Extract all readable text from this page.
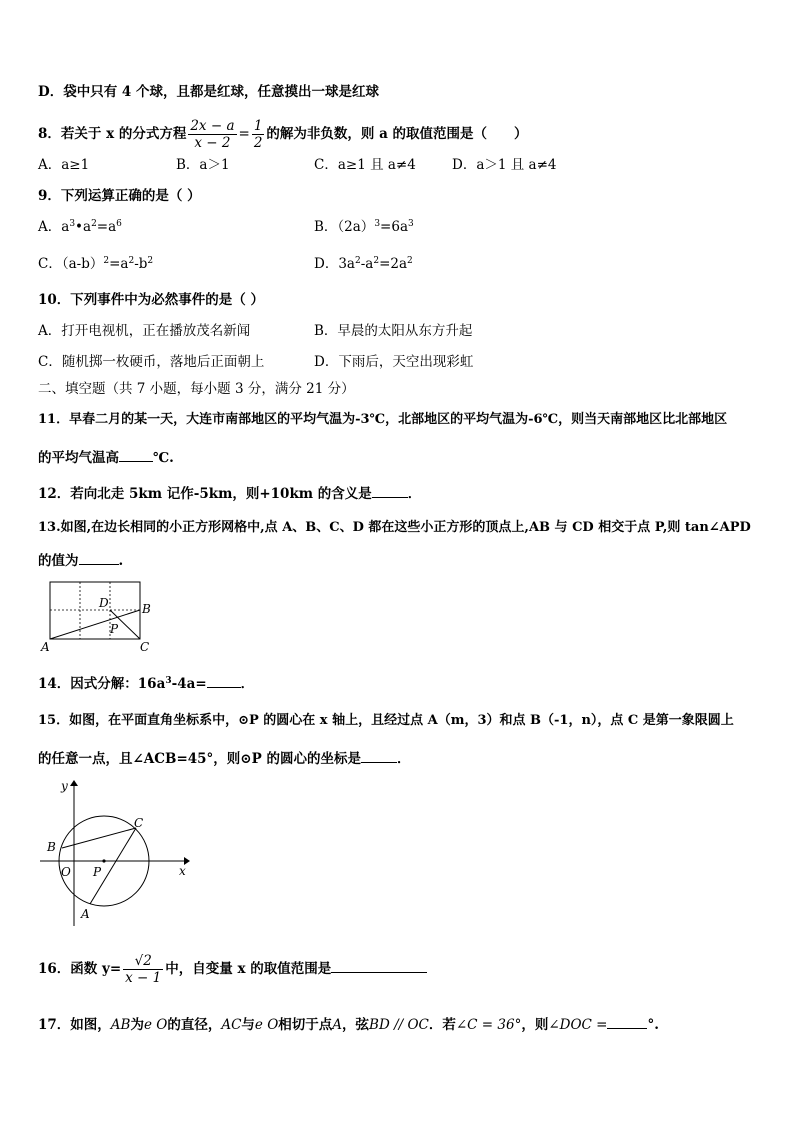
D．袋中只有 4 个球，且都是红球，任意摸出一球是红球
8．若关于 x 的分式方程 $\frac{2x - a}{x - 2} = \frac{1}{2}$ 的解为非负数，则 a 的取值范围是（　　）
A．a≥1	B．a＞1	C．a≥1 且 a≠4	D．a＞1 且 a≠4
9．下列运算正确的是（ ）
A．$a^3•a^2=a^6$	B．$(2a)^3=6a^3$
C．$(a-b)^2=a^2-b^2$	D．$3a^2-a^2=2a^2$
10．下列事件中为必然事件的是（ ）
A．打开电视机，正在播放茂名新闻	B．早晨的太阳从东方升起
C．随机掷一枚硬币，落地后正面朝上	D．下雨后，天空出现彩虹
二、填空题（共 7 小题，每小题 3 分，满分 21 分）
11．早春二月的某一天，大连市南部地区的平均气温为-3℃，北部地区的平均气温为-6℃，则当天南部地区比北部地区
的平均气温高	℃.
12．若向北走 5km 记作-5km，则+10km 的含义是	．
13.如图,在边长相同的小正方形网格中,点 A、B、C、D 都在这些小正方形的顶点上,AB 与 CD 相交于点 P,则 tan∠APD
的值为	.
A
B
C
D
P
14．因式分解：$16a^3-4a=$	．
15．如图，在平面直角坐标系中，⊙P 的圆心在 x 轴上，且经过点 A（m，3）和点 B（-1，n），点 C 是第一象限圆上
的任意一点，且∠ACB=45°，则⊙P 的圆心的坐标是	．
y
x
O P
B
C
A
16．函数 $y= \frac{√2}{x - 1}$ 中，自变量 x 的取值范围是
17．如图，AB为e O的直径，AC与e O相切于点A，弦BD // OC．若∠C = 36°，则∠DOC =	°.
